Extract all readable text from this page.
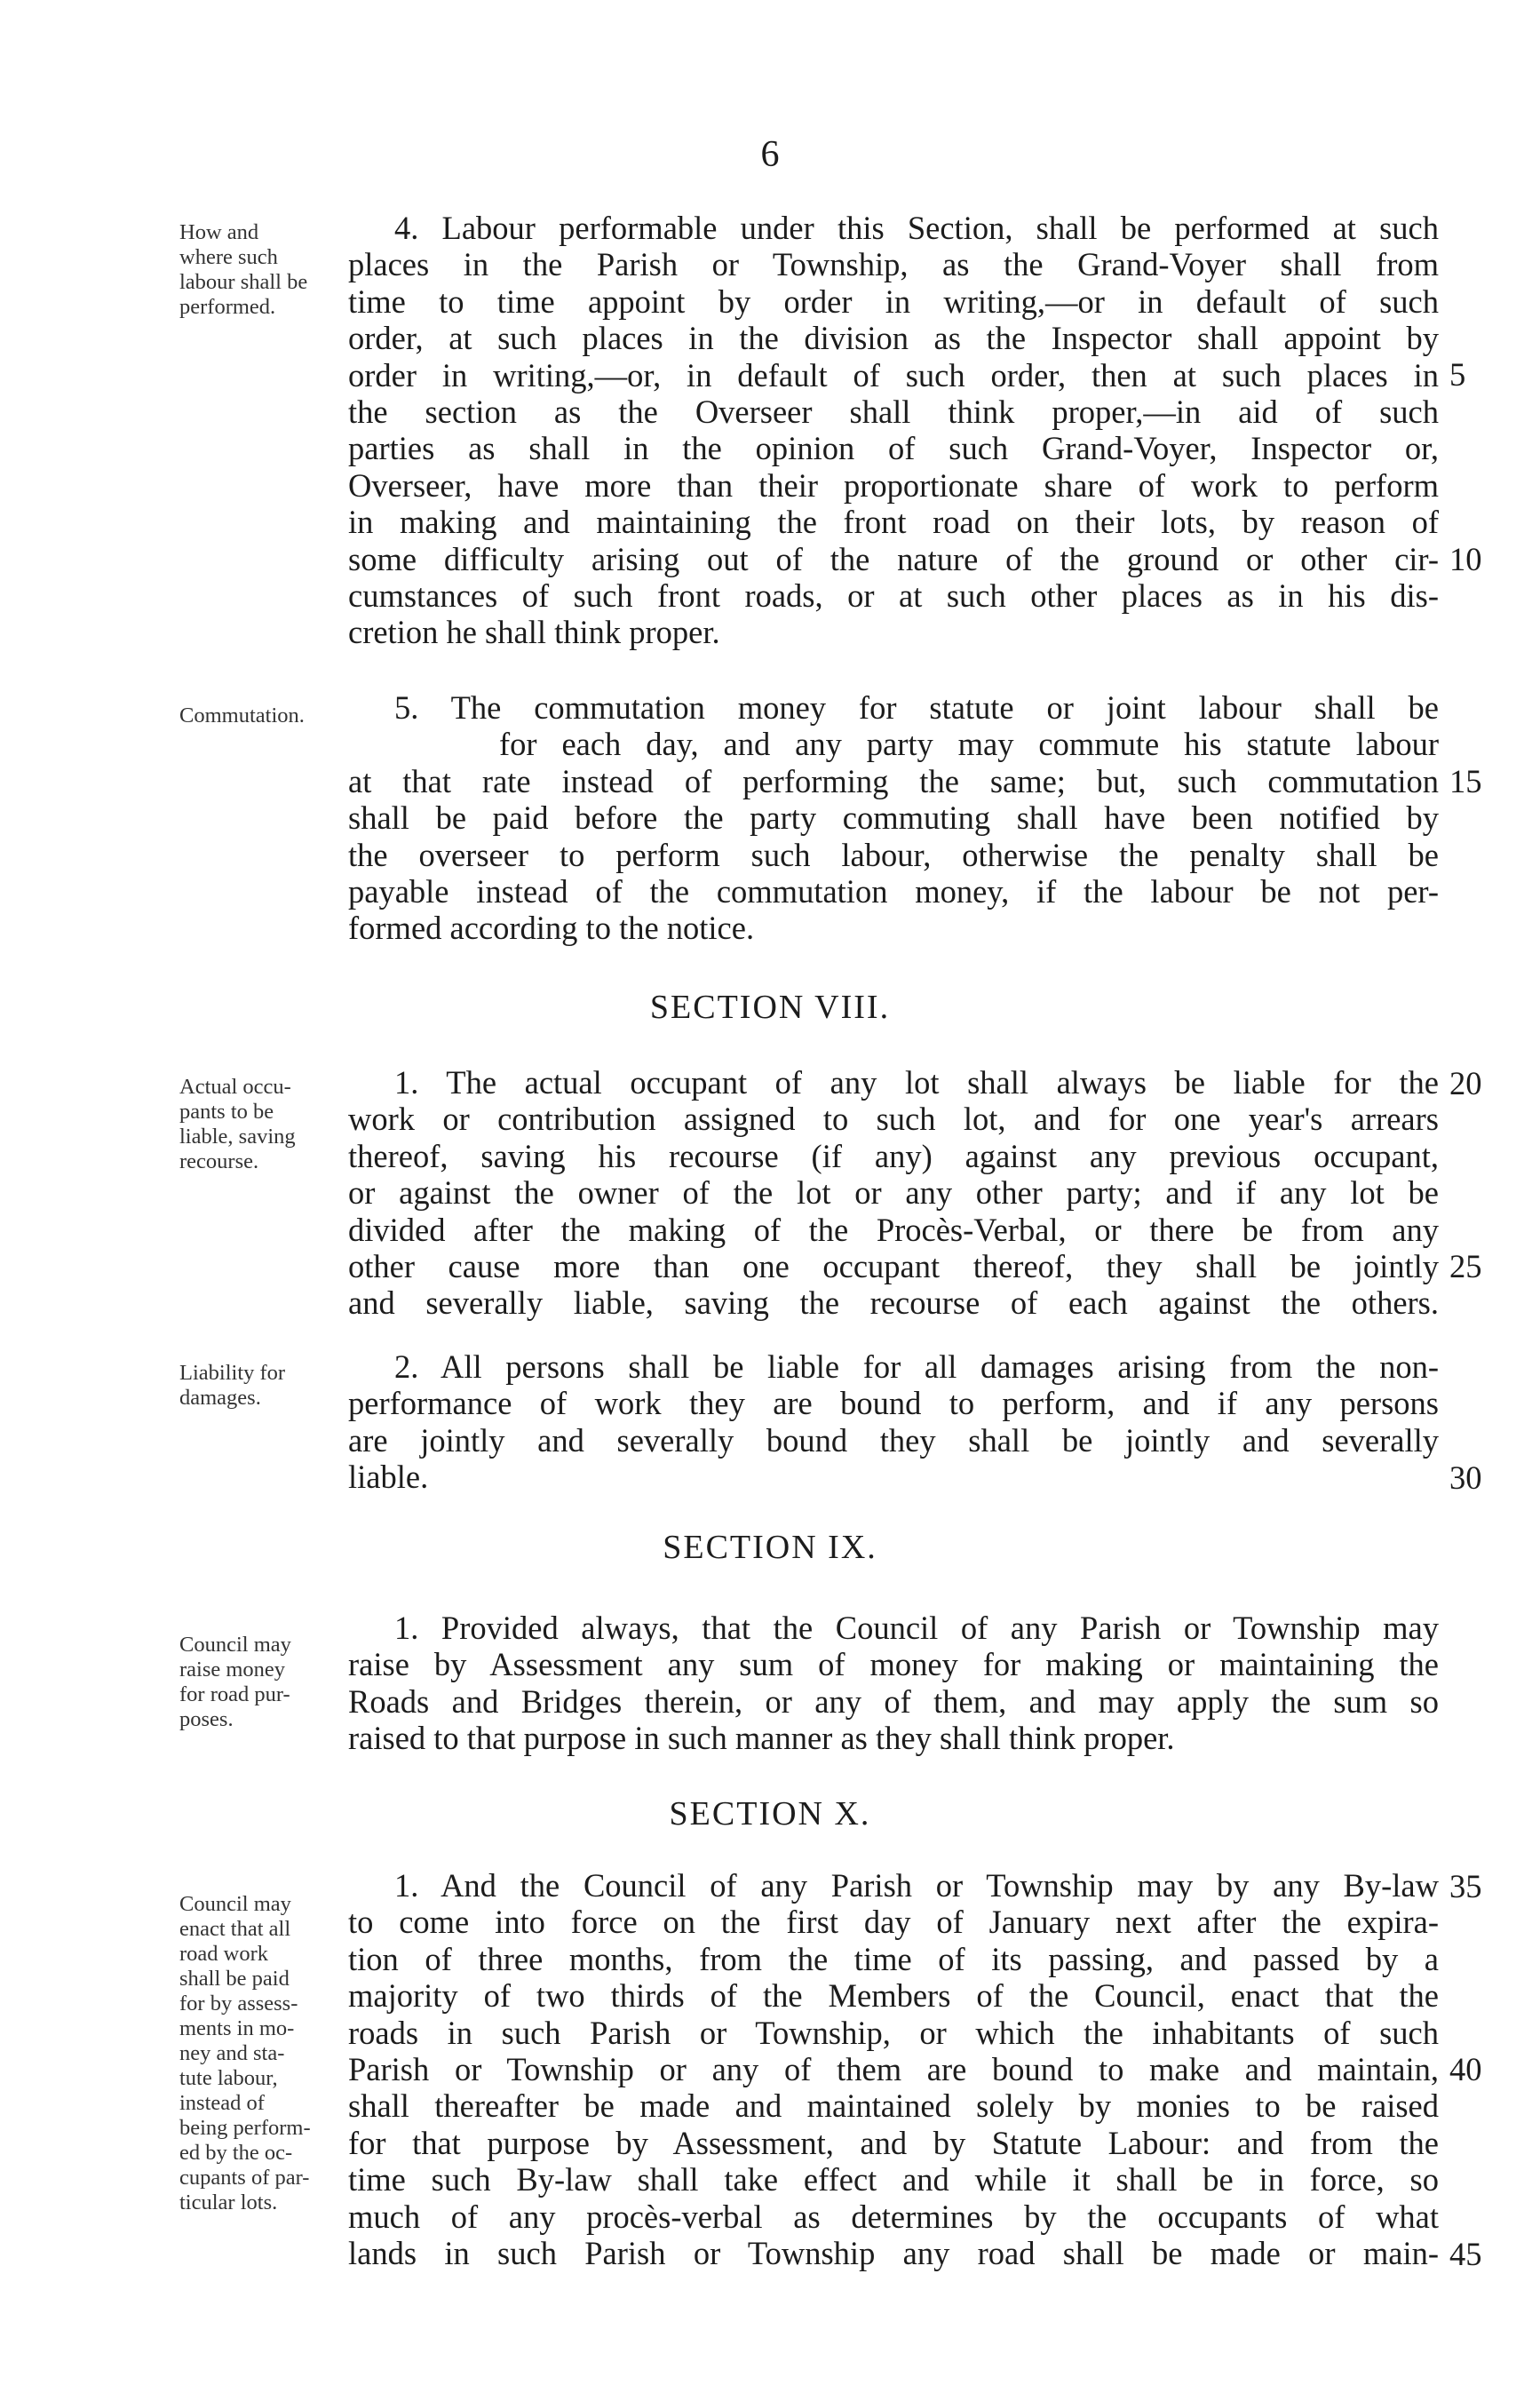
6
How and
where such
labour shall be
performed.
4. Labour performable under this Section, shall be performed at such
places in the Parish or Township, as the Grand-Voyer shall from
time to time appoint by order in writing,—or in default of such
order, at such places in the division as the Inspector shall appoint by
order in writing,—or, in default of such order, then at such places in
the section as the Overseer shall think proper,—in aid of such
parties as shall in the opinion of such Grand-Voyer, Inspector or,
Overseer, have more than their proportionate share of work to perform
in making and maintaining the front road on their lots, by reason of
some difficulty arising out of the nature of the ground or other cir-
cumstances of such front roads, or at such other places as in his dis-
cretion he shall think proper.
Commutation.	5. The commutation money for statute or joint labour shall be
for each day, and any party may commute his statute labour
at that rate instead of performing the same; but, such commutation
shall be paid before the party commuting shall have been notified by
the overseer to perform such labour, otherwise the penalty shall be
payable instead of the commutation money, if the labour be not per-
formed according to the notice.
SECTION VIII.
Actual occu-
pants to be
liable, saving
recourse.
1. The actual occupant of any lot shall always be liable for the
work or contribution assigned to such lot, and for one year's arrears
thereof, saving his recourse (if any) against any previous occupant,
or against the owner of the lot or any other party; and if any lot be
divided after the making of the Procès-Verbal, or there be from any
other cause more than one occupant thereof, they shall be jointly
and severally liable, saving the recourse of each against the others.
Liability for
damages.
2. All persons shall be liable for all damages arising from the non-
performance of work they are bound to perform, and if any persons
are jointly and severally bound they shall be jointly and severally
liable.
SECTION IX.
Council may
raise money
for road pur-
poses.
1. Provided always, that the Council of any Parish or Township may
raise by Assessment any sum of money for making or maintaining the
Roads and Bridges therein, or any of them, and may apply the sum so
raised to that purpose in such manner as they shall think proper.
SECTION X.
Council may
enact that all
road work
shall be paid
for by assess-
ments in mo-
ney and sta-
tute labour,
instead of
being perform-
ed by the oc-
cupants of par-
ticular lots.
1. And the Council of any Parish or Township may by any By-law
to come into force on the first day of January next after the expira-
tion of three months, from the time of its passing, and passed by a
majority of two thirds of the Members of the Council, enact that the
roads in such Parish or Township, or which the inhabitants of such
Parish or Township or any of them are bound to make and maintain,
shall thereafter be made and maintained solely by monies to be raised
for that purpose by Assessment, and by Statute Labour: and from the
time such By-law shall take effect and while it shall be in force, so
much of any procès-verbal as determines by the occupants of what
lands in such Parish or Township any road shall be made or main-
5
10
15
20
25
30
35
40
45
